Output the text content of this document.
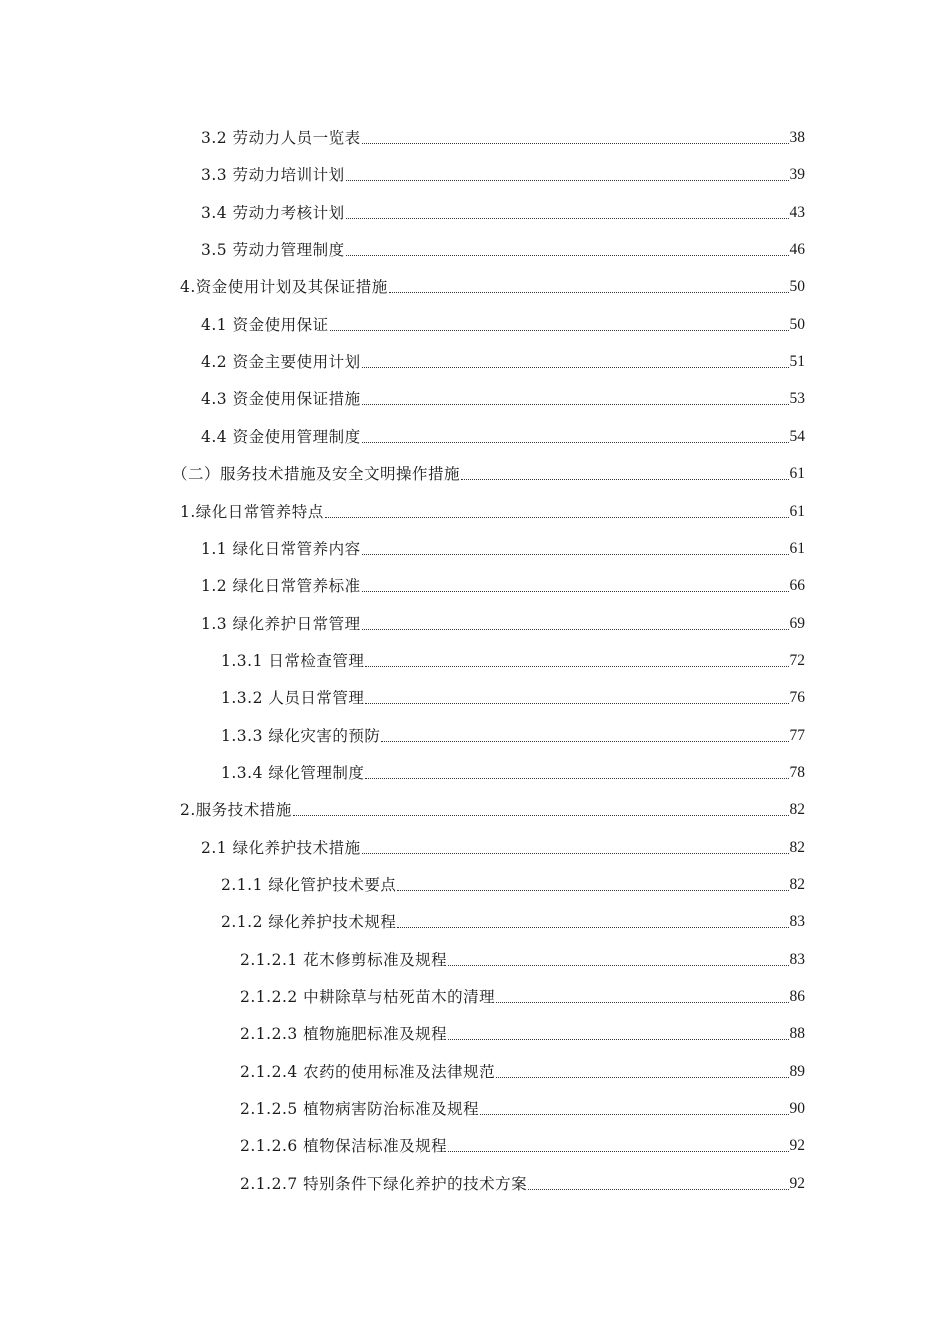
3.2 劳动力人员一览表	38
3.3 劳动力培训计划	39
3.4 劳动力考核计划	43
3.5 劳动力管理制度	46
4.资金使用计划及其保证措施	50
4.1 资金使用保证	50
4.2 资金主要使用计划	51
4.3 资金使用保证措施	53
4.4 资金使用管理制度	54
（二）服务技术措施及安全文明操作措施	61
1.绿化日常管养特点	61
1.1 绿化日常管养内容	61
1.2 绿化日常管养标准	66
1.3 绿化养护日常管理	69
1.3.1 日常检查管理	72
1.3.2 人员日常管理	76
1.3.3 绿化灾害的预防	77
1.3.4 绿化管理制度	78
2.服务技术措施	82
2.1 绿化养护技术措施	82
2.1.1 绿化管护技术要点	82
2.1.2 绿化养护技术规程	83
2.1.2.1 花木修剪标准及规程	83
2.1.2.2 中耕除草与枯死苗木的清理	86
2.1.2.3 植物施肥标准及规程	88
2.1.2.4 农药的使用标准及法律规范	89
2.1.2.5 植物病害防治标准及规程	90
2.1.2.6 植物保洁标准及规程	92
2.1.2.7 特别条件下绿化养护的技术方案	92
